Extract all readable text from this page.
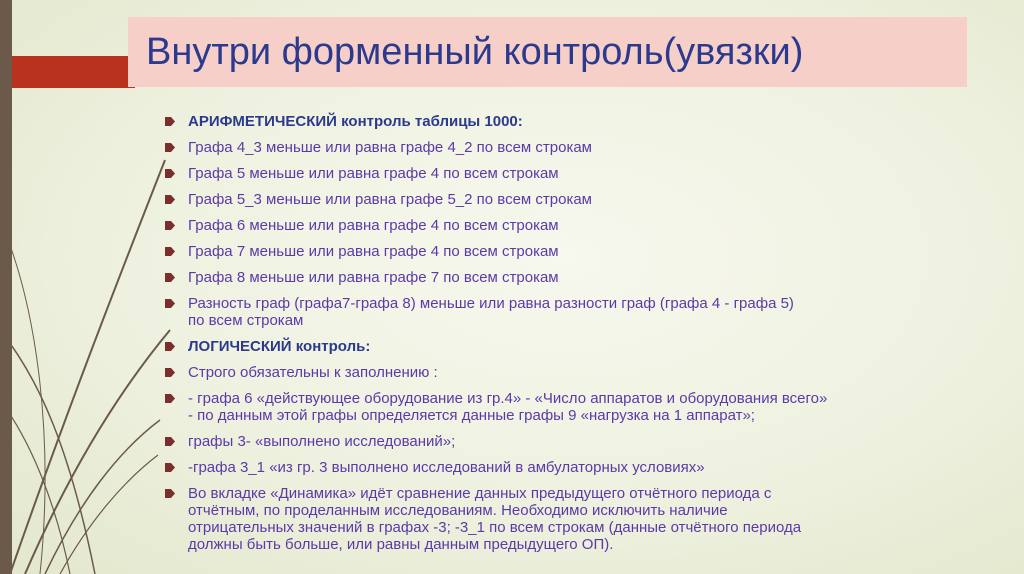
Внутри форменный контроль(увязки)
АРИФМЕТИЧЕСКИЙ контроль таблицы 1000:
Графа 4_3 меньше или равна графе 4_2 по всем строкам
Графа 5 меньше или равна графе 4 по всем строкам
Графа 5_3 меньше или равна графе 5_2 по всем строкам
Графа 6 меньше или равна графе 4 по всем строкам
Графа 7 меньше или равна графе 4 по всем строкам
Графа 8 меньше или равна графе 7 по всем строкам
Разность граф (графа7-графа 8) меньше или равна разности граф (графа 4 - графа 5)
по всем строкам
ЛОГИЧЕСКИЙ контроль:
Строго обязательны к заполнению :
- графа 6 «действующее оборудование из гр.4» - «Число аппаратов и оборудования всего»
- по данным этой графы определяется данные графы 9 «нагрузка на 1 аппарат»;
графы 3- «выполнено исследований»;
-графа 3_1 «из гр. 3 выполнено исследований в амбулаторных условиях»
Во вкладке «Динамика» идёт сравнение данных предыдущего отчётного периода с
отчётным, по проделанным исследованиям. Необходимо исключить наличие
отрицательных значений в графах -3; -3_1 по всем строкам (данные отчётного периода
должны быть больше, или равны данным предыдущего ОП).
